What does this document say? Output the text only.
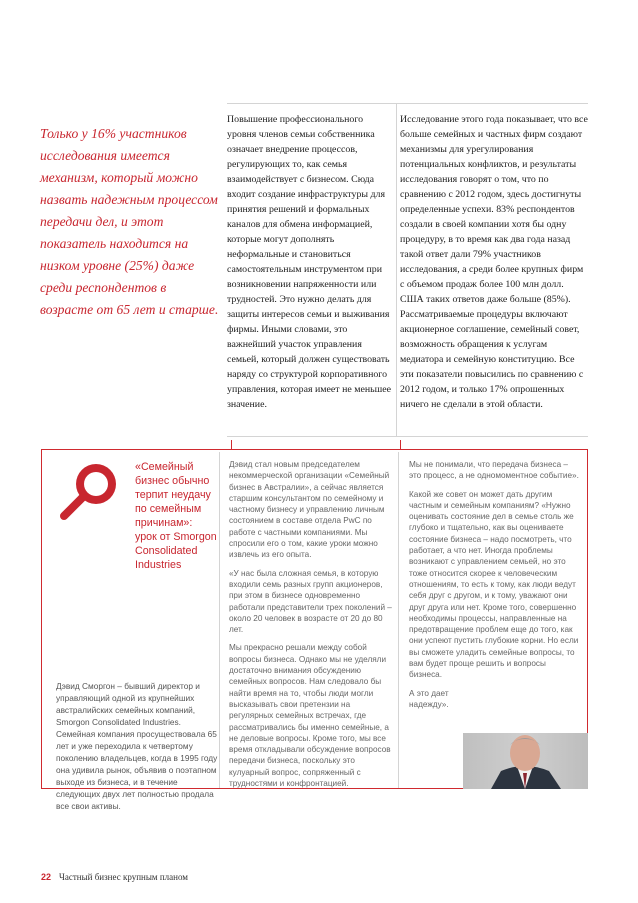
Только у 16% участников исследования имеется механизм, который можно назвать надежным процессом передачи дел, и этот показатель находится на низком уровне (25%) даже среди респондентов в возрасте от 65 лет и старше.

Повышение профессионального уровня членов семьи собственника означает внедрение процессов, регулирующих то, как семья взаимодействует с бизнесом. Сюда входит создание инфраструктуры для принятия решений и формальных каналов для обмена информацией, которые могут дополнять неформальные и становиться самостоятельным инструментом при возникновении напряженности или трудностей. Это нужно делать для защиты интересов семьи и выживания фирмы. Иными словами, это важнейший участок управления семьей, который должен существовать наряду со структурой корпоративного управления, которая имеет не меньшее значение.

Исследование этого года показывает, что все больше семейных и частных фирм создают механизмы для урегулирования потенциальных конфликтов, и результаты исследования говорят о том, что по сравнению с 2012 годом, здесь достигнуты определенные успехи. 83% респондентов создали в своей компании хотя бы одну процедуру, в то время как два года назад такой ответ дали 79% участников исследования, а среди более крупных фирм с объемом продаж более 100 млн долл. США таких ответов даже больше (85%). Рассматриваемые процедуры включают акционерное соглашение, семейный совет, возможность обращения к услугам медиатора и семейную конституцию. Все эти показатели повысились по сравнению с 2012 годом, и только 17% опрошенных ничего не сделали в этой области.

«Семейный бизнес обычно терпит неудачу по семейным причинам»: урок от Smorgon Consolidated Industries

Дэвид Сморгон – бывший директор и управляющий одной из крупнейших австралийских семейных компаний, Smorgon Consolidated Industries. Семейная компания просуществовала 65 лет и уже переходила к четвертому поколению владельцев, когда в 1995 году она удивила рынок, объявив о поэтапном выходе из бизнеса, и в течение следующих двух лет полностью продала все свои активы.

Дэвид стал новым председателем некоммерческой организации «Семейный бизнес в Австралии», а сейчас является старшим консультантом по семейному и частному бизнесу и управлению личным состоянием в составе отдела PwC по работе с частными компаниями. Мы спросили его о том, какие уроки можно извлечь из его опыта.

«У нас была сложная семья, в которую входили семь разных групп акционеров, при этом в бизнесе одновременно работали представители трех поколений – около 20 человек в возрасте от 20 до 80 лет.

Мы прекрасно решали между собой вопросы бизнеса. Однако мы не уделяли достаточно внимания обсуждению семейных вопросов. Нам следовало бы найти время на то, чтобы люди могли высказывать свои претензии на регулярных семейных встречах, где рассматривались бы именно семейные, а не деловые вопросы. Кроме того, мы все время откладывали обсуждение вопросов передачи бизнеса, поскольку это кулуарный вопрос, сопряженный с трудностями и конфронтацией.

Мы не понимали, что передача бизнеса – это процесс, а не одномоментное событие».

Какой же совет он может дать другим частным и семейным компаниям? «Нужно оценивать состояние дел в семье столь же глубоко и тщательно, как вы оцениваете состояние бизнеса – надо посмотреть, что работает, а что нет. Иногда проблемы возникают с управлением семьей, но это тоже относится скорее к человеческим отношениям, то есть к тому, как люди ведут себя друг с другом, и к тому, уважают они друг друга или нет. Кроме того, совершенно необходимы процессы, направленные на предотвращение проблем еще до того, как они успеют пустить глубокие корни. Но если вы сможете уладить семейные вопросы, то вам будет проще решить и вопросы бизнеса.

А это дает надежду».

22 Частный бизнес крупным планом
